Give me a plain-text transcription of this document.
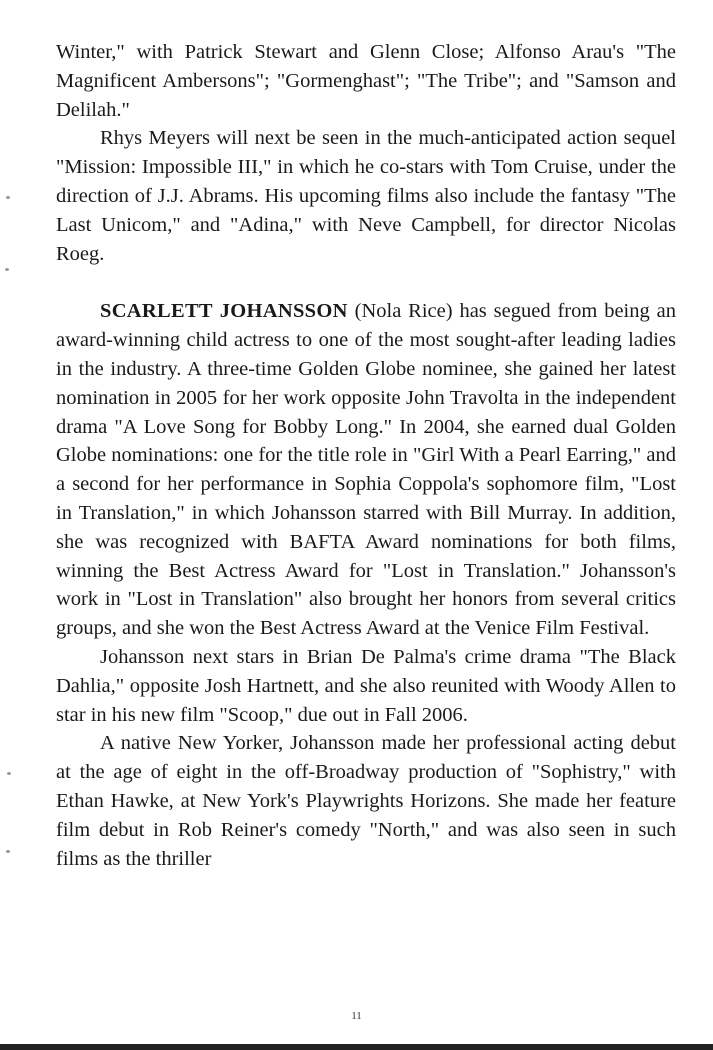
Winter," with Patrick Stewart and Glenn Close; Alfonso Arau's "The Magnificent Ambersons"; "Gormenghast"; "The Tribe"; and "Samson and Delilah."

Rhys Meyers will next be seen in the much-anticipated action sequel "Mission: Impossible III," in which he co-stars with Tom Cruise, under the direction of J.J. Abrams. His upcoming films also include the fantasy "The Last Unicom," and "Adina," with Neve Campbell, for director Nicolas Roeg.

SCARLETT JOHANSSON (Nola Rice) has segued from being an award-winning child actress to one of the most sought-after leading ladies in the industry. A three-time Golden Globe nominee, she gained her latest nomination in 2005 for her work opposite John Travolta in the independent drama "A Love Song for Bobby Long." In 2004, she earned dual Golden Globe nominations: one for the title role in "Girl With a Pearl Earring," and a second for her performance in Sophia Coppola's sophomore film, "Lost in Translation," in which Johansson starred with Bill Murray. In addition, she was recognized with BAFTA Award nominations for both films, winning the Best Actress Award for "Lost in Translation." Johansson's work in "Lost in Translation" also brought her honors from several critics groups, and she won the Best Actress Award at the Venice Film Festival.

Johansson next stars in Brian De Palma's crime drama "The Black Dahlia," opposite Josh Hartnett, and she also reunited with Woody Allen to star in his new film "Scoop," due out in Fall 2006.

A native New Yorker, Johansson made her professional acting debut at the age of eight in the off-Broadway production of "Sophistry," with Ethan Hawke, at New York's Playwrights Horizons. She made her feature film debut in Rob Reiner's comedy "North," and was also seen in such films as the thriller

11
